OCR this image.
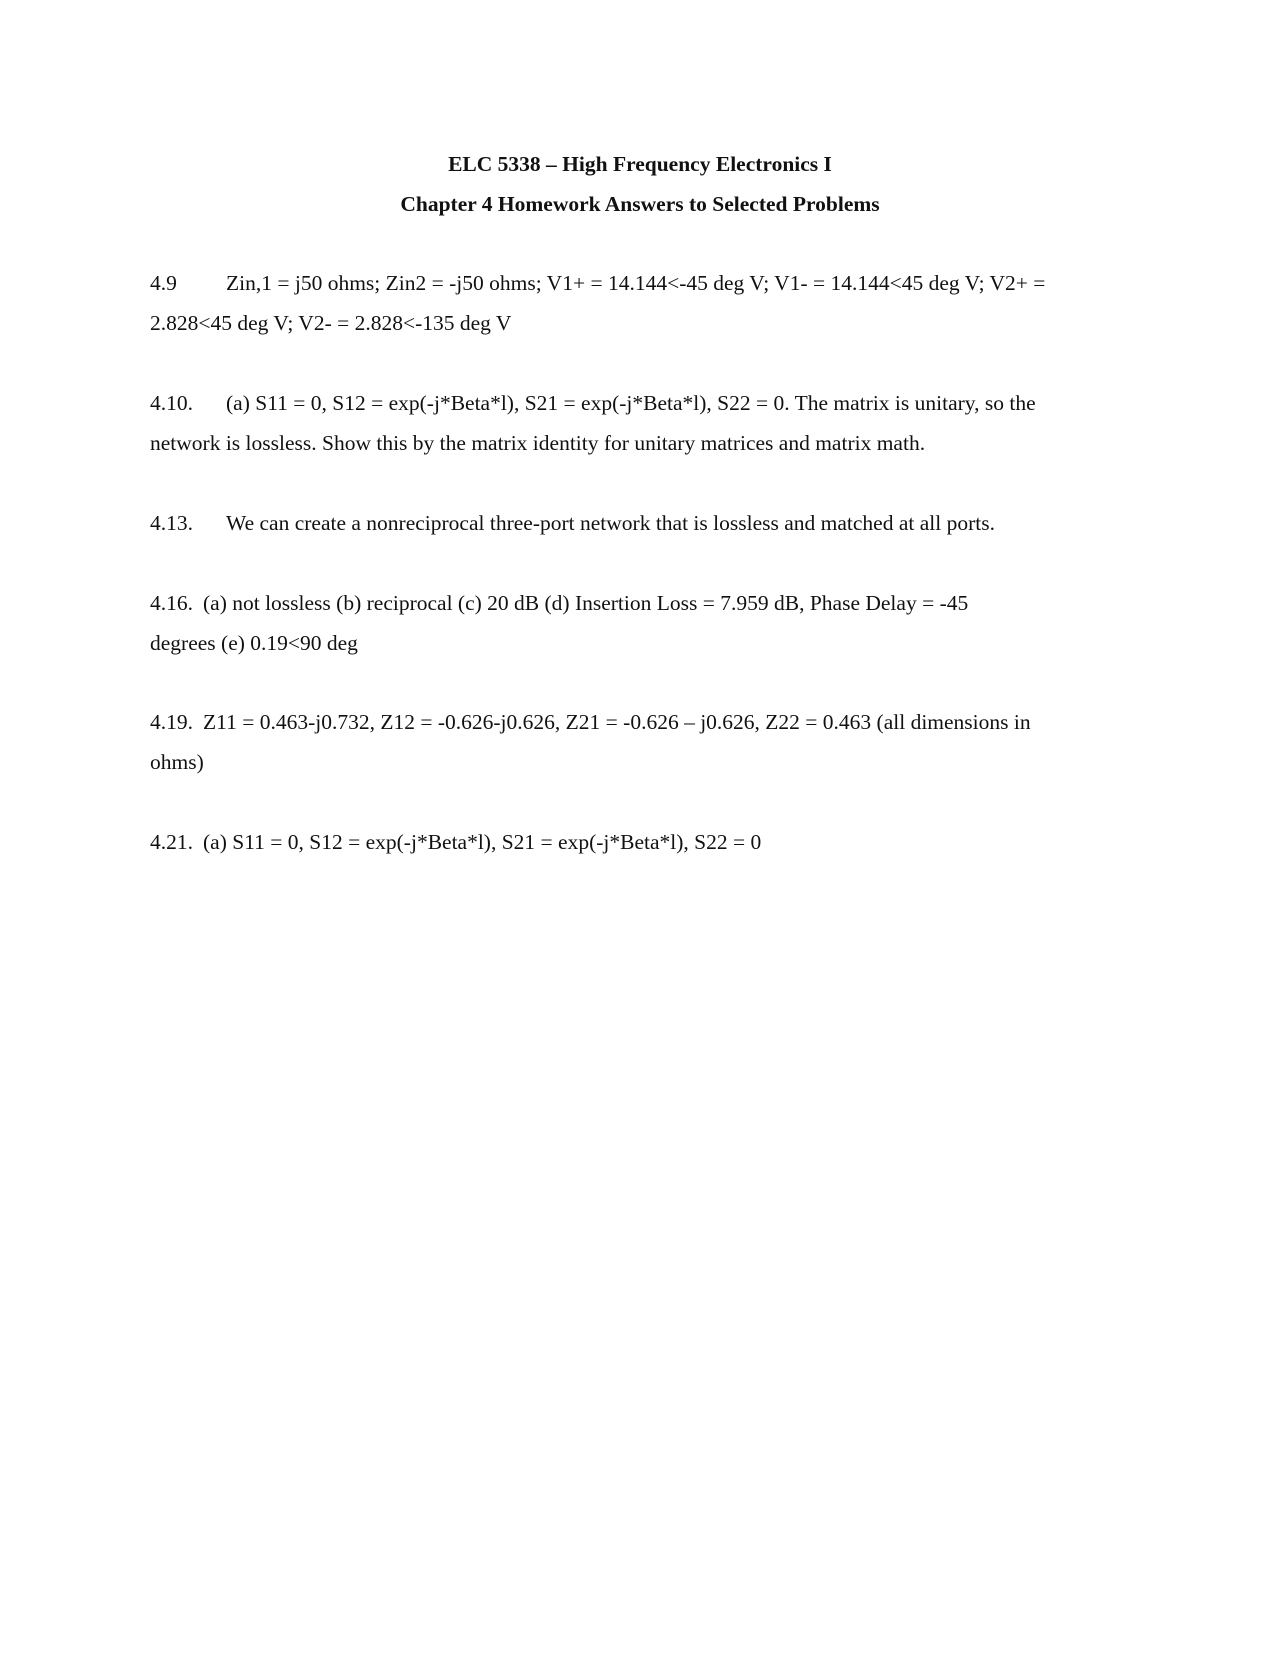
ELC 5338 – High Frequency Electronics I
Chapter 4 Homework Answers to Selected Problems
4.9 Zin,1 = j50 ohms; Zin2 = -j50 ohms; V1+ = 14.144<-45 deg V; V1- = 14.144<45 deg V; V2+ =
2.828<45 deg V; V2- = 2.828<-135 deg V
4.10. (a) S11 = 0, S12 = exp(-j*Beta*l), S21 = exp(-j*Beta*l), S22 = 0. The matrix is unitary, so the
network is lossless. Show this by the matrix identity for unitary matrices and matrix math.
4.13. We can create a nonreciprocal three-port network that is lossless and matched at all ports.
4.16. (a) not lossless (b) reciprocal (c) 20 dB (d) Insertion Loss = 7.959 dB, Phase Delay = -45
degrees (e) 0.19<90 deg
4.19. Z11 = 0.463-j0.732, Z12 = -0.626-j0.626, Z21 = -0.626 – j0.626, Z22 = 0.463 (all dimensions in
ohms)
4.21. (a) S11 = 0, S12 = exp(-j*Beta*l), S21 = exp(-j*Beta*l), S22 = 0
